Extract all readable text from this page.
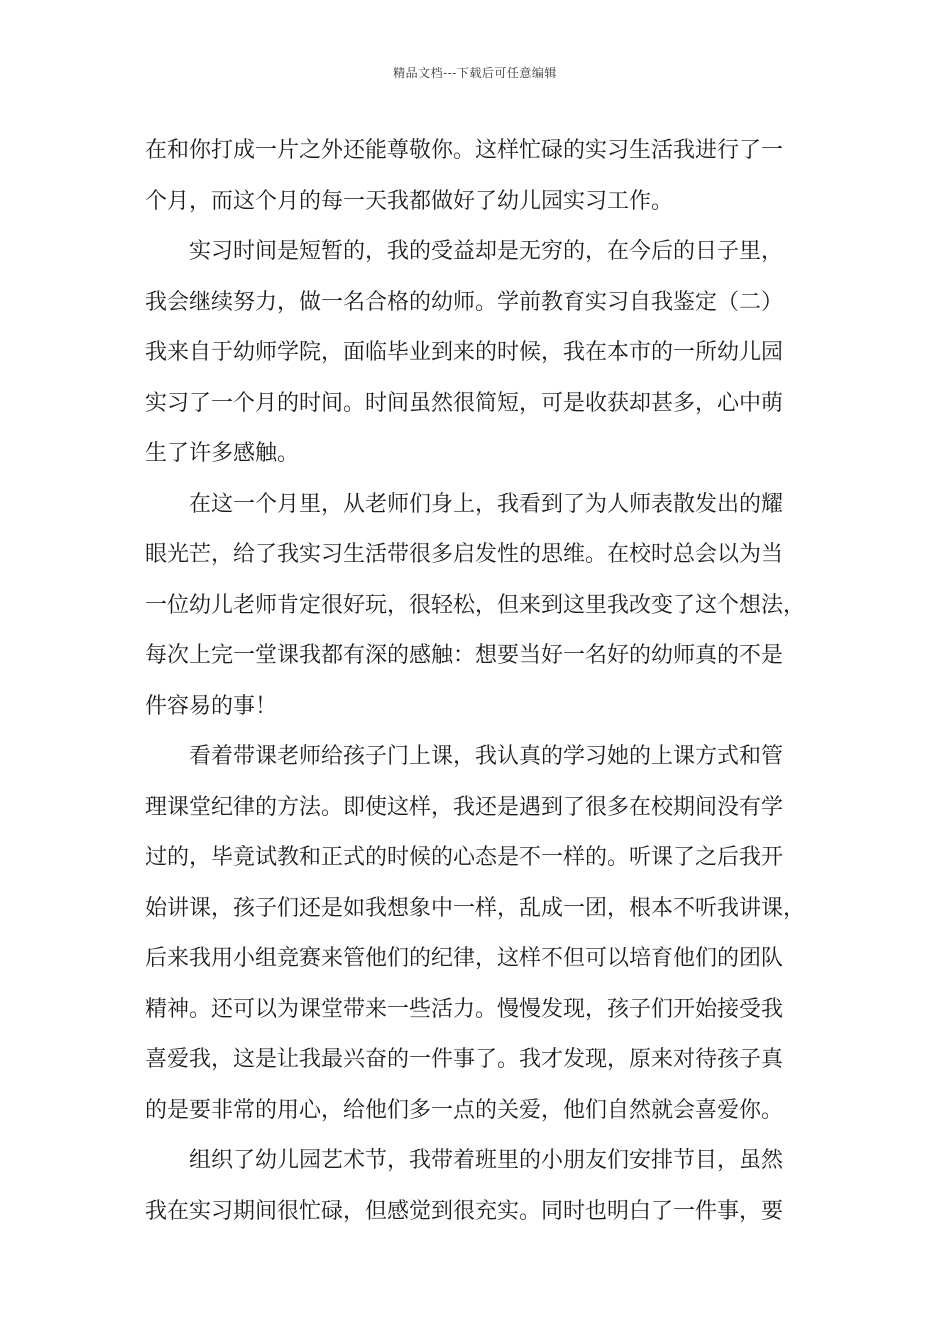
精品文档---下载后可任意编辑

在和你打成一片之外还能尊敬你。这样忙碌的实习生活我进行了一
个月，而这个月的每一天我都做好了幼儿园实习工作。

实习时间是短暂的，我的受益却是无穷的，在今后的日子里，
我会继续努力，做一名合格的幼师。学前教育实习自我鉴定（二）
我来自于幼师学院，面临毕业到来的时候，我在本市的一所幼儿园
实习了一个月的时间。时间虽然很简短，可是收获却甚多，心中萌
生了许多感触。

在这一个月里，从老师们身上，我看到了为人师表散发出的耀
眼光芒，给了我实习生活带很多启发性的思维。在校时总会以为当
一位幼儿老师肯定很好玩，很轻松，但来到这里我改变了这个想法，
每次上完一堂课我都有深的感触：想要当好一名好的幼师真的不是
件容易的事！

看着带课老师给孩子门上课，我认真的学习她的上课方式和管
理课堂纪律的方法。即使这样，我还是遇到了很多在校期间没有学
过的，毕竟试教和正式的时候的心态是不一样的。听课了之后我开
始讲课，孩子们还是如我想象中一样，乱成一团，根本不听我讲课，
后来我用小组竞赛来管他们的纪律，这样不但可以培育他们的团队
精神。还可以为课堂带来一些活力。慢慢发现，孩子们开始接受我
喜爱我，这是让我最兴奋的一件事了。我才发现，原来对待孩子真
的是要非常的用心，给他们多一点的关爱，他们自然就会喜爱你。

组织了幼儿园艺术节，我带着班里的小朋友们安排节目，虽然
我在实习期间很忙碌，但感觉到很充实。同时也明白了一件事，要
